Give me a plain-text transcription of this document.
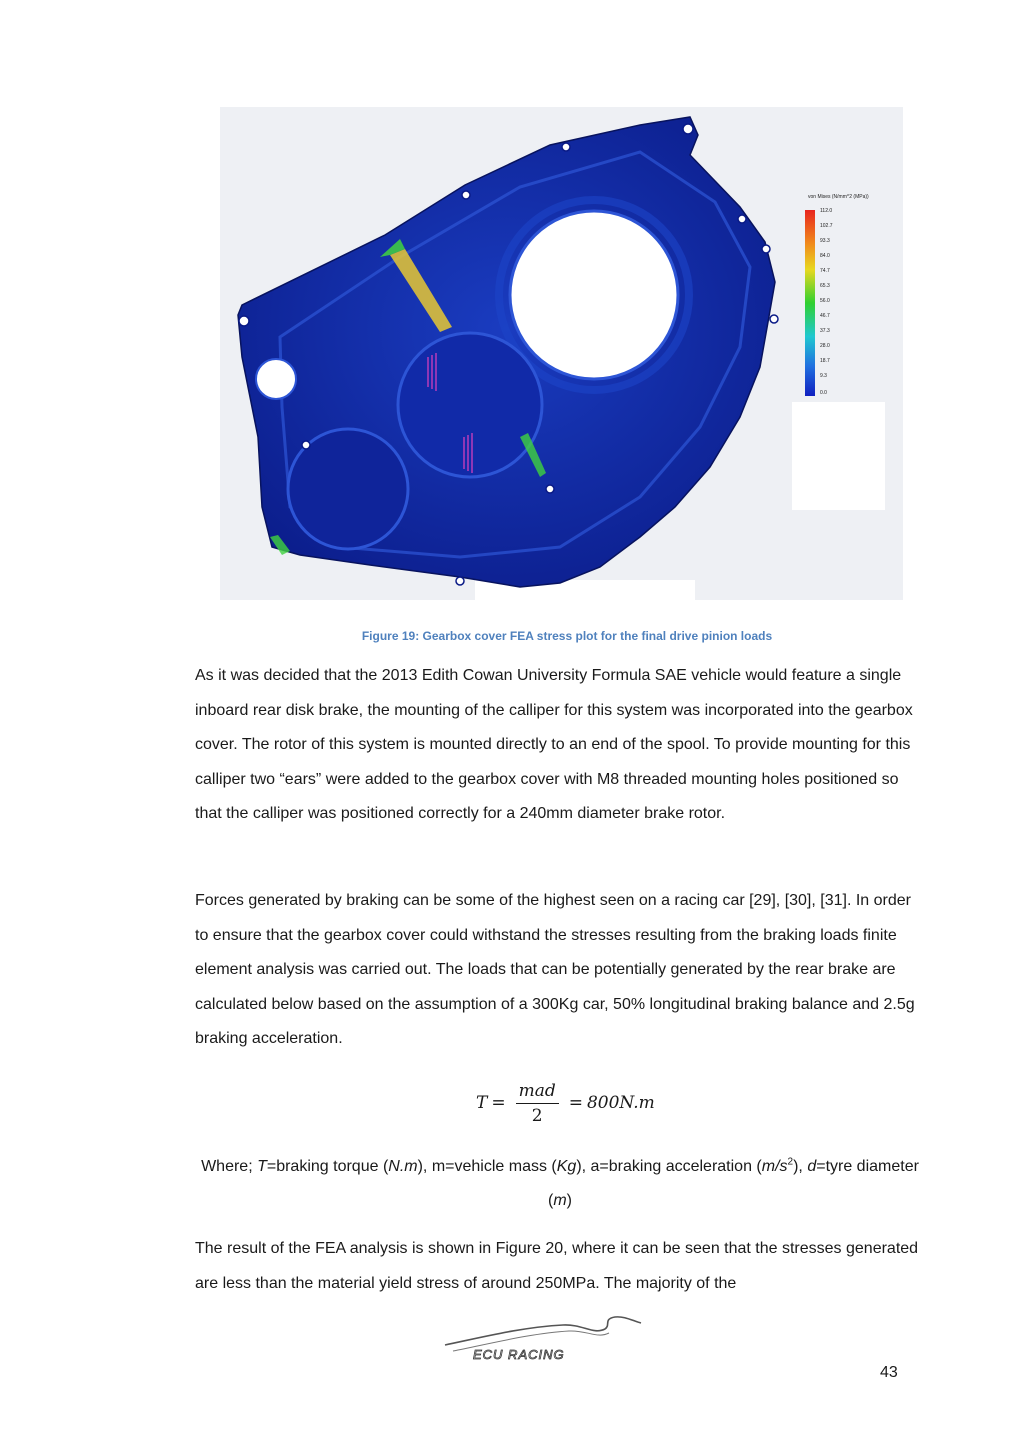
von Mises (N/mm^2 (MPa))
112.0
102.7
93.3
84.0
74.7
65.3
56.0
46.7
37.3
28.0
18.7
9.3
0.0
Figure 19: Gearbox cover FEA stress plot for the final drive pinion loads

As it was decided that the 2013 Edith Cowan University Formula SAE vehicle would feature a single inboard rear disk brake, the mounting of the calliper for this system was incorporated into the gearbox cover. The rotor of this system is mounted directly to an end of the spool. To provide mounting for this calliper two “ears” were added to the gearbox cover with M8 threaded mounting holes positioned so that the calliper was positioned correctly for a 240mm diameter brake rotor.

Forces generated by braking can be some of the highest seen on a racing car [29], [30], [31]. In order to ensure that the gearbox cover could withstand the stresses resulting from the braking loads finite element analysis was carried out. The loads that can be potentially generated by the rear brake are calculated below based on the assumption of a 300Kg car, 50% longitudinal braking balance and 2.5g braking acceleration.

$T = \frac{\text{mad}}{2} = 800N.m$

Where; T=braking torque (N.m), m=vehicle mass (Kg), a=braking acceleration $(m/s^2)$, d=tyre diameter (m)

The result of the FEA analysis is shown in Figure 20, where it can be seen that the stresses generated are less than the material yield stress of around 250MPa. The majority of the

ECU RACING
43
